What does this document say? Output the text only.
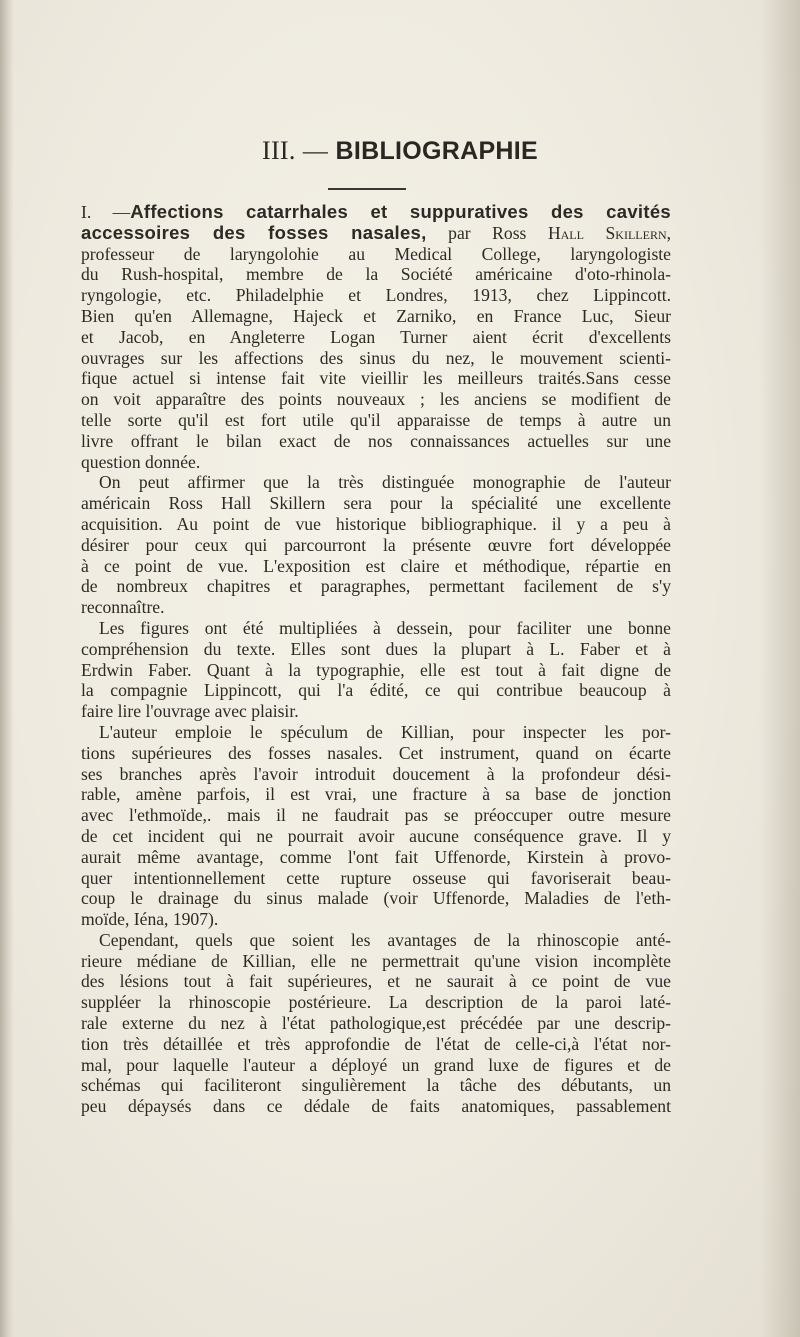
III. — BIBLIOGRAPHIE
I. —Affections catarrhales et suppuratives des cavités
accessoires des fosses nasales, par Ross Hall Skillern,
professeur de laryngolohie au Medical College, laryngologiste
du Rush-hospital, membre de la Société américaine d'oto-rhinola-
ryngologie, etc. Philadelphie et Londres, 1913, chez Lippincott.
Bien qu'en Allemagne, Hajeck et Zarniko, en France Luc, Sieur
et Jacob, en Angleterre Logan Turner aient écrit d'excellents
ouvrages sur les affections des sinus du nez, le mouvement scienti-
fique actuel si intense fait vite vieillir les meilleurs traités.Sans cesse
on voit apparaître des points nouveaux ; les anciens se modifient de
telle sorte qu'il est fort utile qu'il apparaisse de temps à autre un
livre offrant le bilan exact de nos connaissances actuelles sur une
question donnée.
On peut affirmer que la très distinguée monographie de l'auteur
américain Ross Hall Skillern sera pour la spécialité une excellente
acquisition. Au point de vue historique bibliographique. il y a peu à
désirer pour ceux qui parcourront la présente œuvre fort développée
à ce point de vue. L'exposition est claire et méthodique, répartie en
de nombreux chapitres et paragraphes, permettant facilement de s'y
reconnaître.
Les figures ont été multipliées à dessein, pour faciliter une bonne
compréhension du texte. Elles sont dues la plupart à L. Faber et à
Erdwin Faber. Quant à la typographie, elle est tout à fait digne de
la compagnie Lippincott, qui l'a édité, ce qui contribue beaucoup à
faire lire l'ouvrage avec plaisir.
L'auteur emploie le spéculum de Killian, pour inspecter les por-
tions supérieures des fosses nasales. Cet instrument, quand on écarte
ses branches après l'avoir introduit doucement à la profondeur dési-
rable, amène parfois, il est vrai, une fracture à sa base de jonction
avec l'ethmoïde,. mais il ne faudrait pas se préoccuper outre mesure
de cet incident qui ne pourrait avoir aucune conséquence grave. Il y
aurait même avantage, comme l'ont fait Uffenorde, Kirstein à provo-
quer intentionnellement cette rupture osseuse qui favoriserait beau-
coup le drainage du sinus malade (voir Uffenorde, Maladies de l'eth-
moïde, Iéna, 1907).
Cependant, quels que soient les avantages de la rhinoscopie anté-
rieure médiane de Killian, elle ne permettrait qu'une vision incomplète
des lésions tout à fait supérieures, et ne saurait à ce point de vue
suppléer la rhinoscopie postérieure. La description de la paroi laté-
rale externe du nez à l'état pathologique,est précédée par une descrip-
tion très détaillée et très approfondie de l'état de celle-ci,à l'état nor-
mal, pour laquelle l'auteur a déployé un grand luxe de figures et de
schémas qui faciliteront singulièrement la tâche des débutants, un
peu dépaysés dans ce dédale de faits anatomiques, passablement
